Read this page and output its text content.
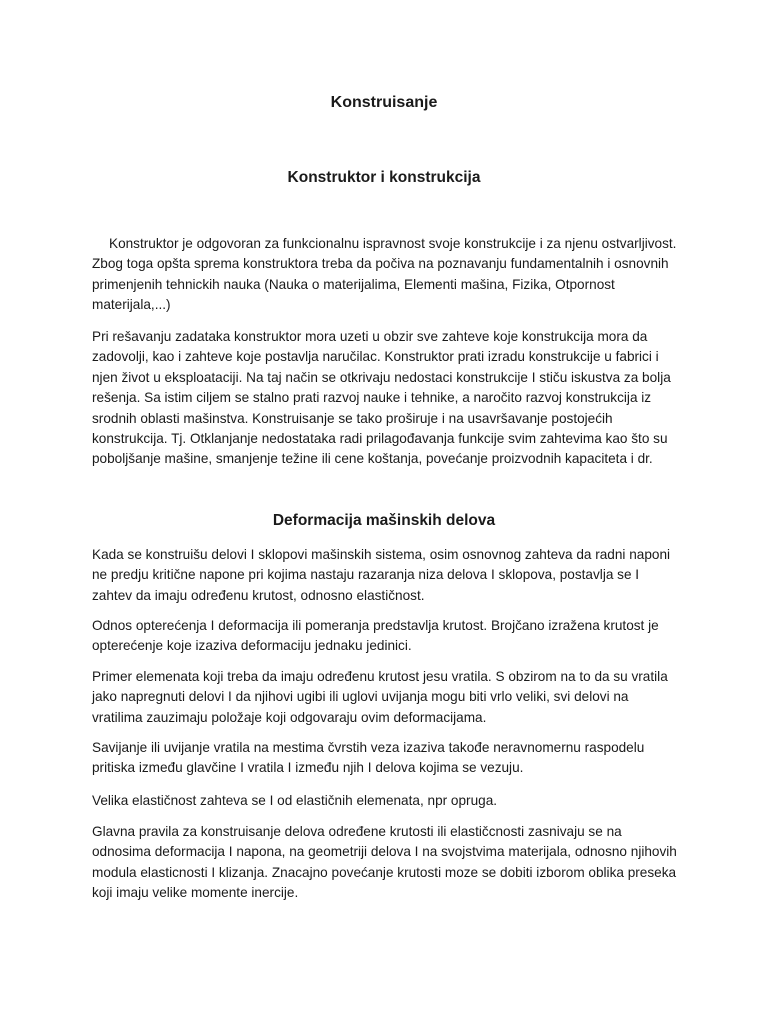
Konstruisanje
Konstruktor i konstrukcija

Konstruktor je odgovoran za funkcionalnu ispravnost svoje konstrukcije i za njenu ostvarljivost. Zbog toga opšta sprema konstruktora treba da počiva na poznavanju fundamentalnih i osnovnih primenjenih tehnickih nauka (Nauka o materijalima, Elementi mašina, Fizika, Otpornost materijala,...)

Pri rešavanju zadataka konstruktor mora uzeti u obzir sve zahteve koje konstrukcija mora da zadovolji, kao i zahteve koje postavlja naručilac. Konstruktor prati izradu konstrukcije u fabrici i njen život u eksploataciji. Na taj način se otkrivaju nedostaci konstrukcije I stiču iskustva za bolja rešenja. Sa istim ciljem se stalno prati razvoj nauke i tehnike, a naročito razvoj konstrukcija iz srodnih oblasti mašinstva. Konstruisanje se tako proširuje i na usavršavanje postojećih konstrukcija. Tj. Otklanjanje nedostataka radi prilagođavanja funkcije svim zahtevima kao što su poboljšanje mašine, smanjenje težine ili cene koštanja, povećanje proizvodnih kapaciteta i dr.

Deformacija mašinskih delova

Kada se konstruišu delovi I sklopovi mašinskih sistema, osim osnovnog zahteva da radni naponi ne predju kritične napone pri kojima nastaju razaranja niza delova I sklopova, postavlja se I zahtev da imaju određenu krutost, odnosno elastičnost.

Odnos opterećenja I deformacija ili pomeranja predstavlja krutost. Brojčano izražena krutost je opterećenje koje izaziva deformaciju jednaku jedinici.

Primer elemenata koji treba da imaju određenu krutost jesu vratila. S obzirom na to da su vratila jako napregnuti delovi I da njihovi ugibi ili uglovi uvijanja mogu biti vrlo veliki, svi delovi na vratilima zauzimaju položaje koji odgovaraju ovim deformacijama.

Savijanje ili uvijanje vratila na mestima čvrstih veza izaziva takođe neravnomernu raspodelu pritiska između glavčine I vratila I između njih I delova kojima se vezuju.

Velika elastičnost zahteva se I od elastičnih elemenata, npr opruga.

Glavna pravila za konstruisanje delova određene krutosti ili elastičcnosti zasnivaju se na odnosima deformacija I napona, na geometriji delova I na svojstvima materijala, odnosno njihovih modula elasticnosti I klizanja. Znacajno povećanje krutosti moze se dobiti izborom oblika preseka koji imaju velike momente inercije.
